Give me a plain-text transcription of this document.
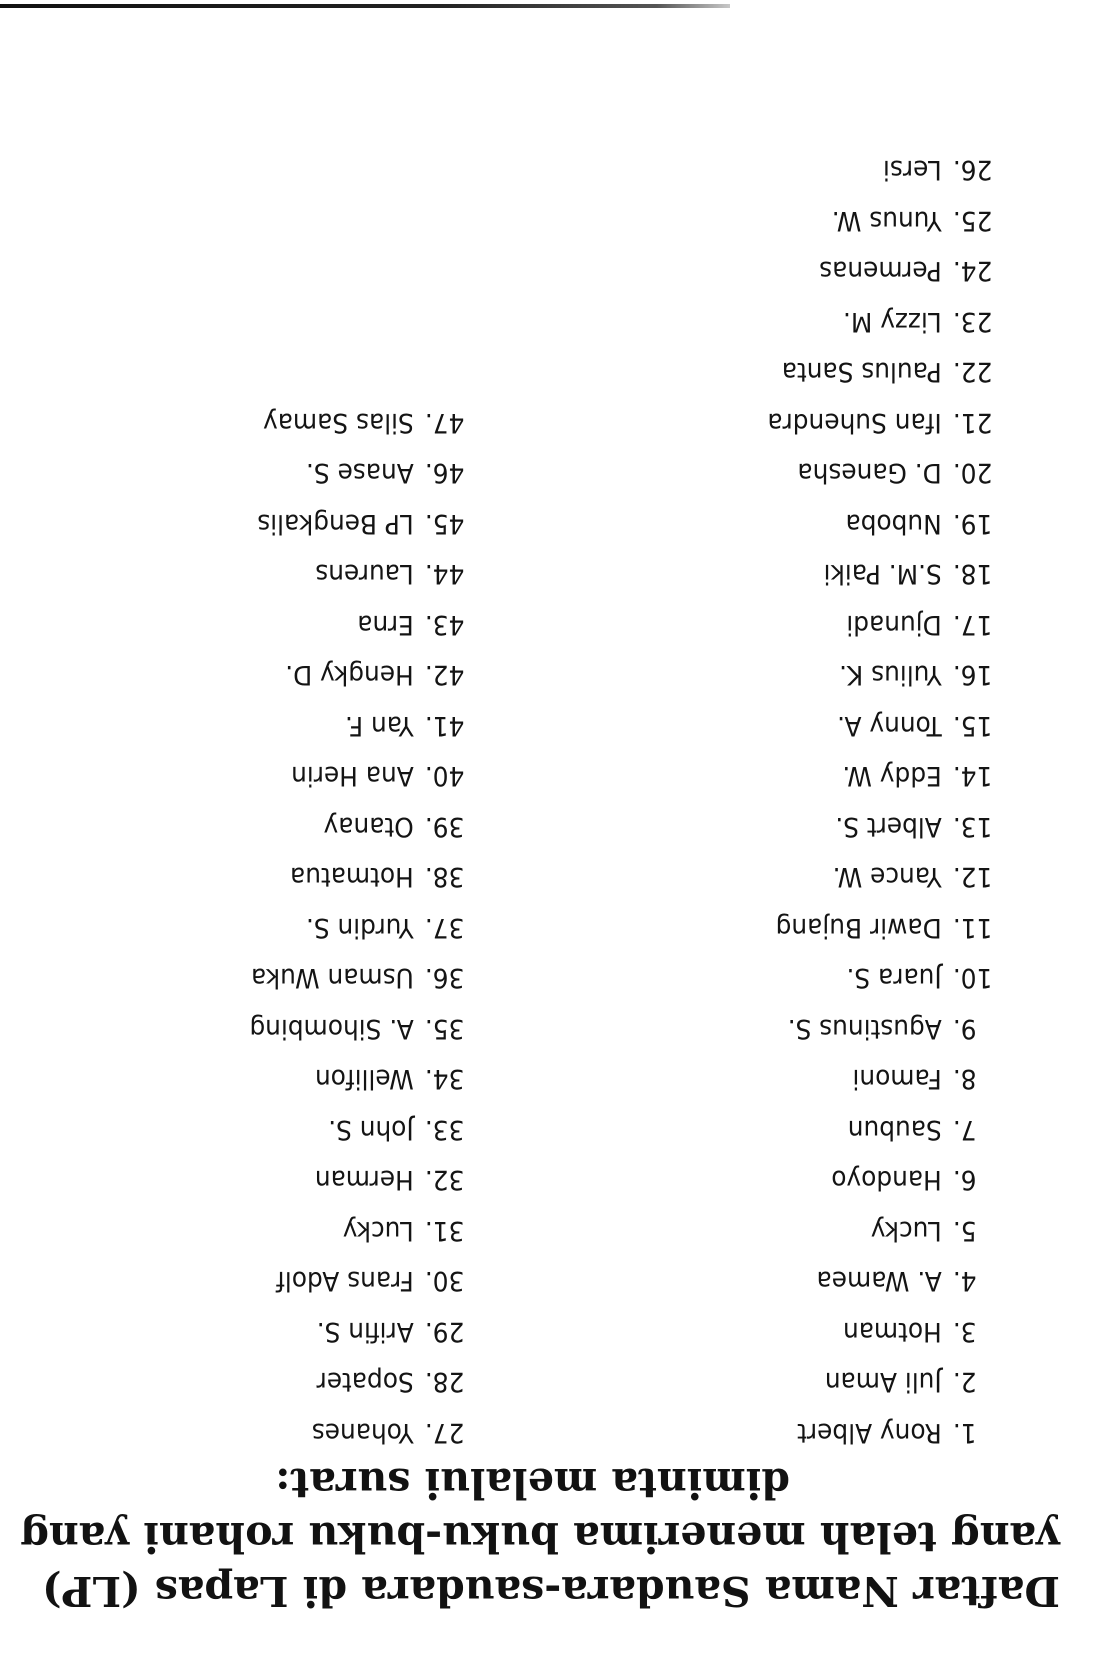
Daftar Nama Saudara-saudara di Lapas (LP)
yang telah menerima buku-buku rohani yang
diminta melalui surat:
1.
Rony Albert
2.
Juli Aman
3.
Hotman
4.
A. Wamea
5.
Lucky
6.
Handoyo
7.
Saubun
8.
Famoni
9.
Agustinus S.
10.
Juara S.
11.
Dawir Bujang
12.
Yance W.
13.
Albert S.
14.
Eddy W.
15.
Tonny A.
16.
Yulius K.
17.
Djunadi
18.
S.M. Paiki
19.
Nuboba
20.
D. Ganesha
21.
Ifan Suhendra
22.
Paulus Santa
23.
Lizzy M.
24.
Permenas
25.
Yunus W.
26.
Lersi
27.
Yohanes
28.
Sopater
29.
Arifin S.
30.
Frans Adolf
31.
Lucky
32.
Herman
33.
John S.
34.
Wellifon
35.
A. Sihombing
36.
Usman Wuka
37.
Yurdin S.
38.
Hotmatua
39.
Otanay
40.
Ana Herin
41.
Yan F.
42.
Hengky D.
43.
Erna
44.
Laurens
45.
LP Bengkalis
46.
Anase S.
47.
Silas Samay
